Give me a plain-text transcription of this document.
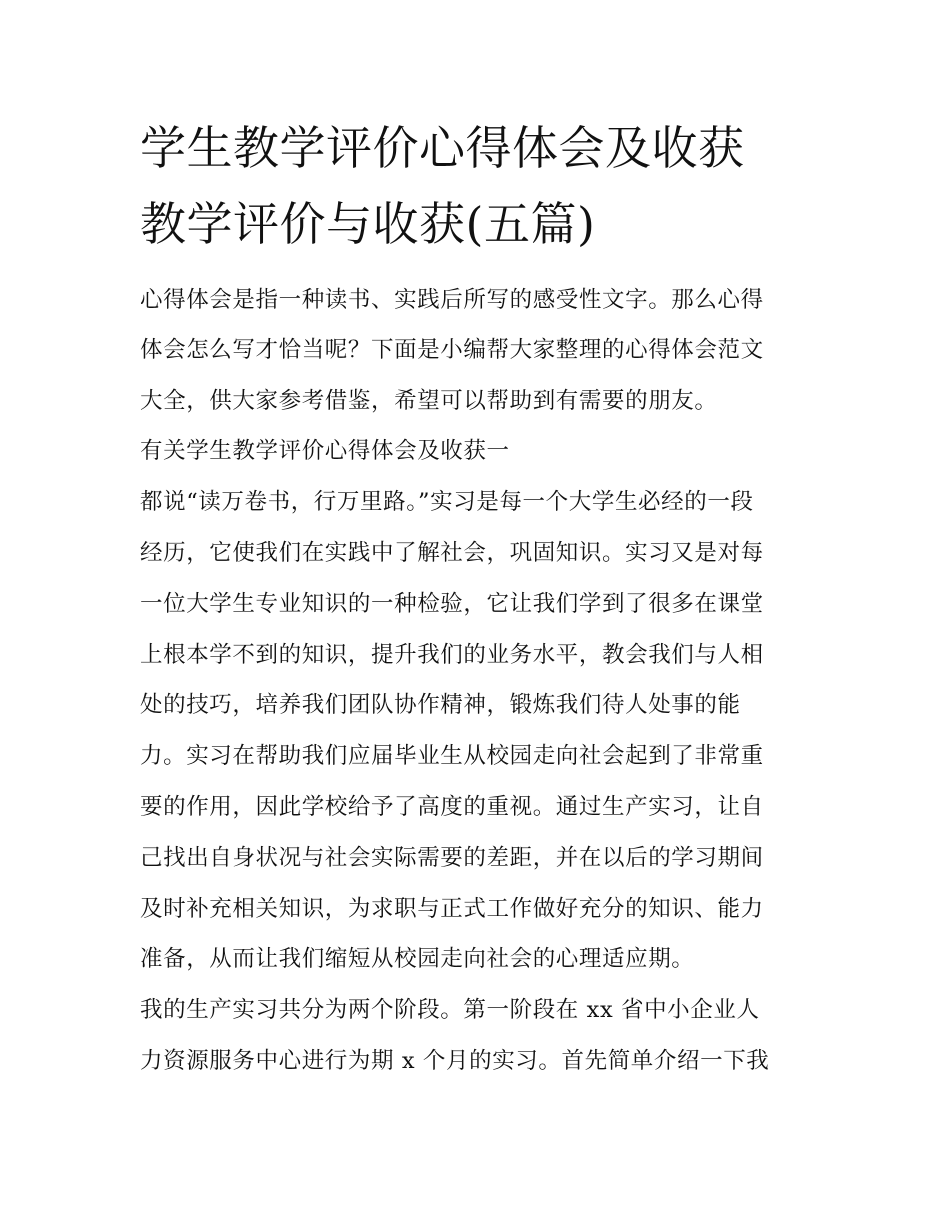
学生教学评价心得体会及收获
教学评价与收获(五篇)

心得体会是指一种读书、实践后所写的感受性文字。那么心得

体会怎么写才恰当呢？下面是小编帮大家整理的心得体会范文

大全，供大家参考借鉴，希望可以帮助到有需要的朋友。

有关学生教学评价心得体会及收获一

都说“读万卷书，行万里路。”实习是每一个大学生必经的一段

经历，它使我们在实践中了解社会，巩固知识。实习又是对每

一位大学生专业知识的一种检验，它让我们学到了很多在课堂

上根本学不到的知识，提升我们的业务水平，教会我们与人相

处的技巧，培养我们团队协作精神，锻炼我们待人处事的能

力。实习在帮助我们应届毕业生从校园走向社会起到了非常重

要的作用，因此学校给予了高度的重视。通过生产实习，让自

己找出自身状况与社会实际需要的差距，并在以后的学习期间

及时补充相关知识，为求职与正式工作做好充分的知识、能力

准备，从而让我们缩短从校园走向社会的心理适应期。

我的生产实习共分为两个阶段。第一阶段在 xx 省中小企业人

力资源服务中心进行为期 x 个月的实习。首先简单介绍一下我
